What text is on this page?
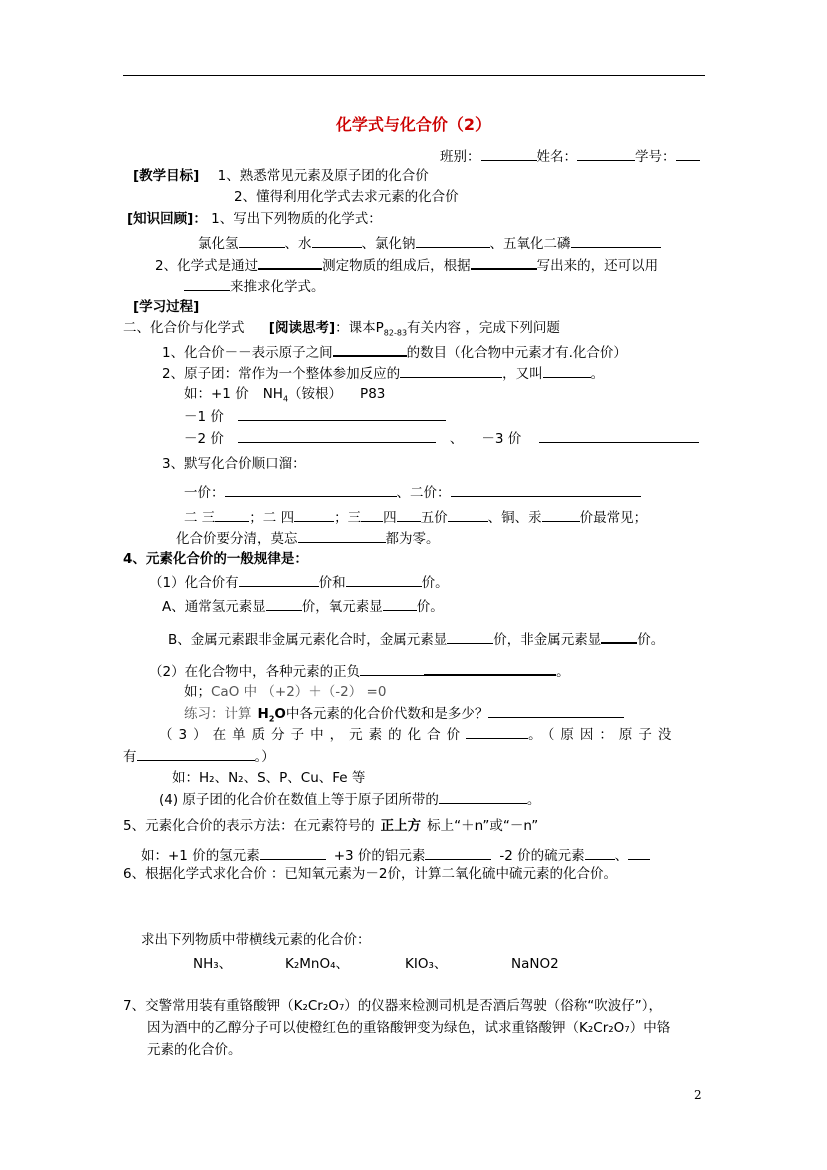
化学式与化合价（2）
班别：	姓名：	学号：
[教学目标] 1、熟悉常见元素及原子团的化合价
2、懂得利用化学式去求元素的化合价
[知识回顾]： 1、写出下列物质的化学式：
氯化氢	、水	、氯化钠	、五氧化二磷
2、化学式是通过	测定物质的组成后，根据	写出来的，还可以用
来推求化学式。
[学习过程]
二、化合价与化学式 [阅读思考]：课本$P_{82-83}$有关内容 ，完成下列问题
1、化合价－－表示原子之间	的数目（化合物中元素才有.化合价）
2、原子团：常作为一个整体参加反应的	，又叫	。
如：+1 价 $NH_4$（铵根） P83
－1 价
－2 价	、 －3 价
3、默写化合价顺口溜：
一价：	、二价：
二 三	；二 四	；三 四 五价	、铜、汞	价最常见；
化合价要分清，莫忘	都为零。
4、元素化合价的一般规律是：
（1）化合价有	价和	价。
A、通常氢元素显	价，氧元素显	价。
B、金属元素跟非金属元素化合时，金属元素显	价，非金属元素显	价。
（2）在化合物中，各种元素的正负	。
如；CaO 中 （+2）＋（-2） =0
练习：计算 $H_2O$中各元素的化合价代数和是多少？
（3）在单质分子中，元素的化合价	。（原因：原子没
有	。）
如：H₂、N₂、S、P、Cu、Fe 等
(4) 原子团的化合价在数值上等于原子团所带的	。
5、元素化合价的表示方法：在元素符号的 正上方 标上“＋n”或“－n”
如：+1 价的氢元素	+3 价的铝元素	-2 价的硫元素 、
6、根据化学式求化合价 ：已知氧元素为－2价，计算二氧化硫中硫元素的化合价。
求出下列物质中带横线元素的化合价：
NH₃、	K₂MnO₄、	KIO₃、	NaNO2
7、交警常用装有重铬酸钾（K₂Cr₂O₇）的仪器来检测司机是否酒后驾驶（俗称“吹波仔”），
因为酒中的乙醇分子可以使橙红色的重铬酸钾变为绿色，试求重铬酸钾（K₂Cr₂O₇）中铬
元素的化合价。
2
